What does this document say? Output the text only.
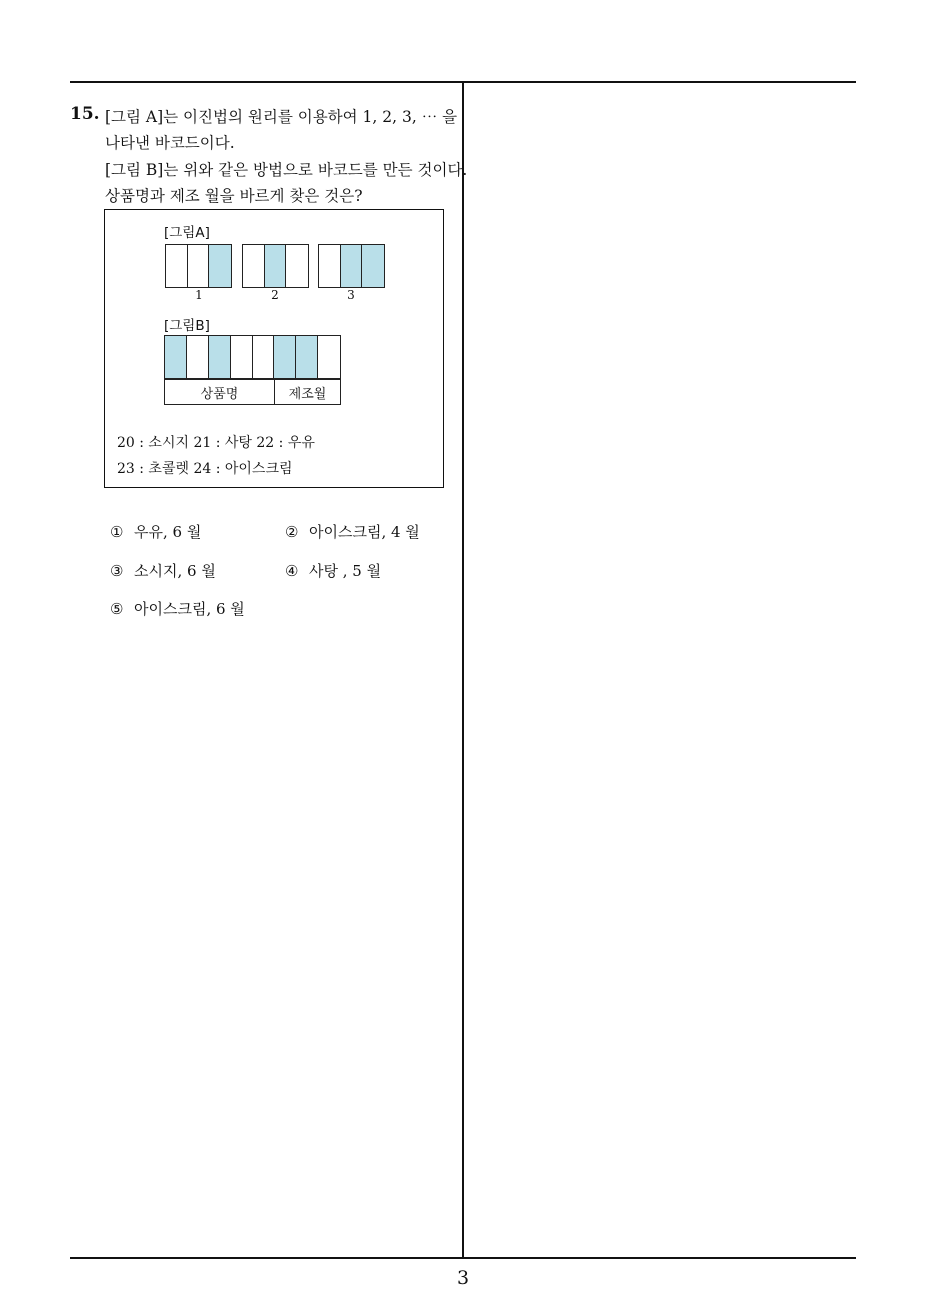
15. [그림 A]는 이진법의 원리를 이용하여 1, 2, 3, ⋯ 을
나타낸 바코드이다.
[그림 B]는 위와 같은 방법으로 바코드를 만든 것이다.
상품명과 제조 월을 바르게 찾은 것은?
[그림A]
1	2	3
[그림B]
상품명	제조월
20 : 소시지 21 : 사탕 22 : 우유
23 : 초콜렛 24 : 아이스크림
① 우유, 6 월	② 아이스크림, 4 월
③ 소시지, 6 월	④ 사탕 , 5 월
⑤ 아이스크림, 6 월
3
